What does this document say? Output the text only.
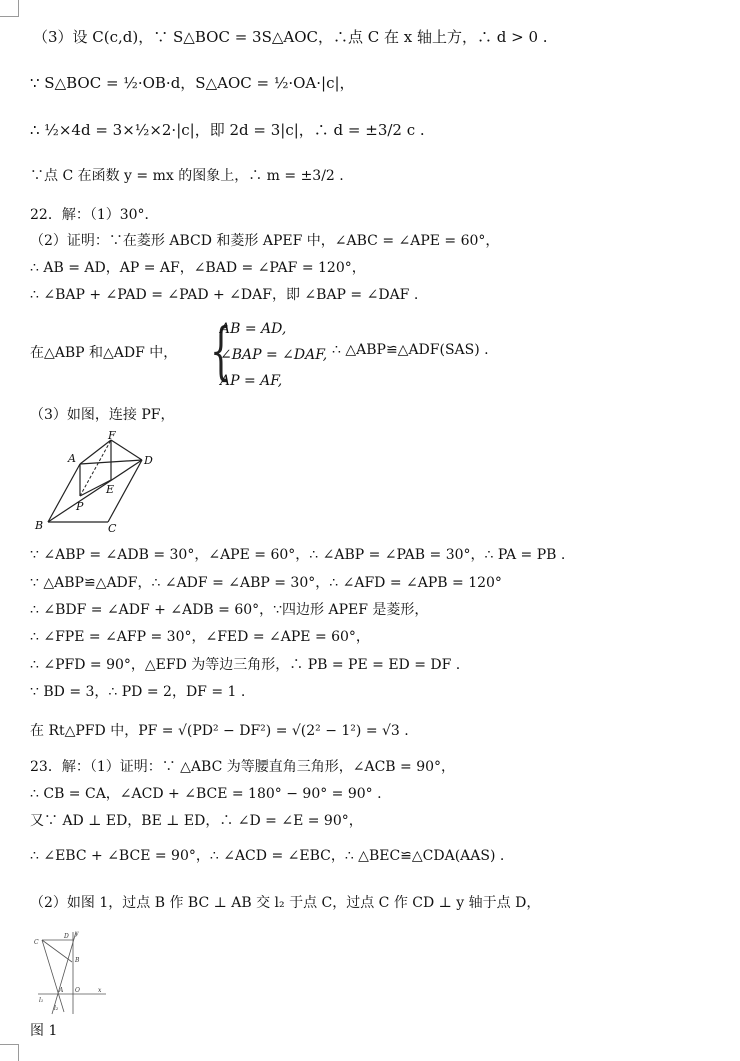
（3）设 C(c,d)，∵ S△BOC = 3S△AOC，∴点 C 在 x 轴上方，∴ d > 0 .
∵ S△BOC = ½·OB·d，S△AOC = ½·OA·|c|，
∴ ½×4d = 3×½×2·|c|，即 2d = 3|c|，∴ d = ±3/2 c .
∵点 C 在函数 y = mx 的图象上，∴ m = ±3/2 .
22．解：（1）30°．
（2）证明：∵在菱形 ABCD 和菱形 APEF 中，∠ABC = ∠APE = 60°，
∴ AB = AD，AP = AF，∠BAD = ∠PAF = 120°，
∴ ∠BAP + ∠PAD = ∠PAD + ∠DAF，即 ∠BAP = ∠DAF .
在△ABP 和△ADF 中， {
AB = AD,
∠BAP = ∠DAF,
AP = AF,
∴ △ABP≌△ADF(SAS) .
（3）如图，连接 PF，
A
B	C
D
E
F
P
∵ ∠ABP = ∠ADB = 30°，∠APE = 60°，∴ ∠ABP = ∠PAB = 30°，∴ PA = PB .
∵ △ABP≌△ADF，∴ ∠ADF = ∠ABP = 30°，∴ ∠AFD = ∠APB = 120°
∴ ∠BDF = ∠ADF + ∠ADB = 60°，∵四边形 APEF 是菱形，
∴ ∠FPE = ∠AFP = 30°，∠FED = ∠APE = 60°，
∴ ∠PFD = 90°，△EFD 为等边三角形，∴ PB = PE = ED = DF .
∵ BD = 3，∴ PD = 2，DF = 1 .
在 Rt△PFD 中，PF = √(PD² − DF²) = √(2² − 1²) = √3 .
23．解：（1）证明：∵ △ABC 为等腰直角三角形，∠ACB = 90°，
∴ CB = CA，∠ACD + ∠BCE = 180° − 90° = 90° .
又∵ AD ⊥ ED，BE ⊥ ED，∴ ∠D = ∠E = 90°，
∴ ∠EBC + ∠BCE = 90°，∴ ∠ACD = ∠EBC，∴ △BEC≌△CDA(AAS) .
（2）如图 1，过点 B 作 BC ⊥ AB 交 l₂ 于点 C，过点 C 作 CD ⊥ y 轴于点 D，
C
D y
B
A O	x
l₁
l₂
图 1
